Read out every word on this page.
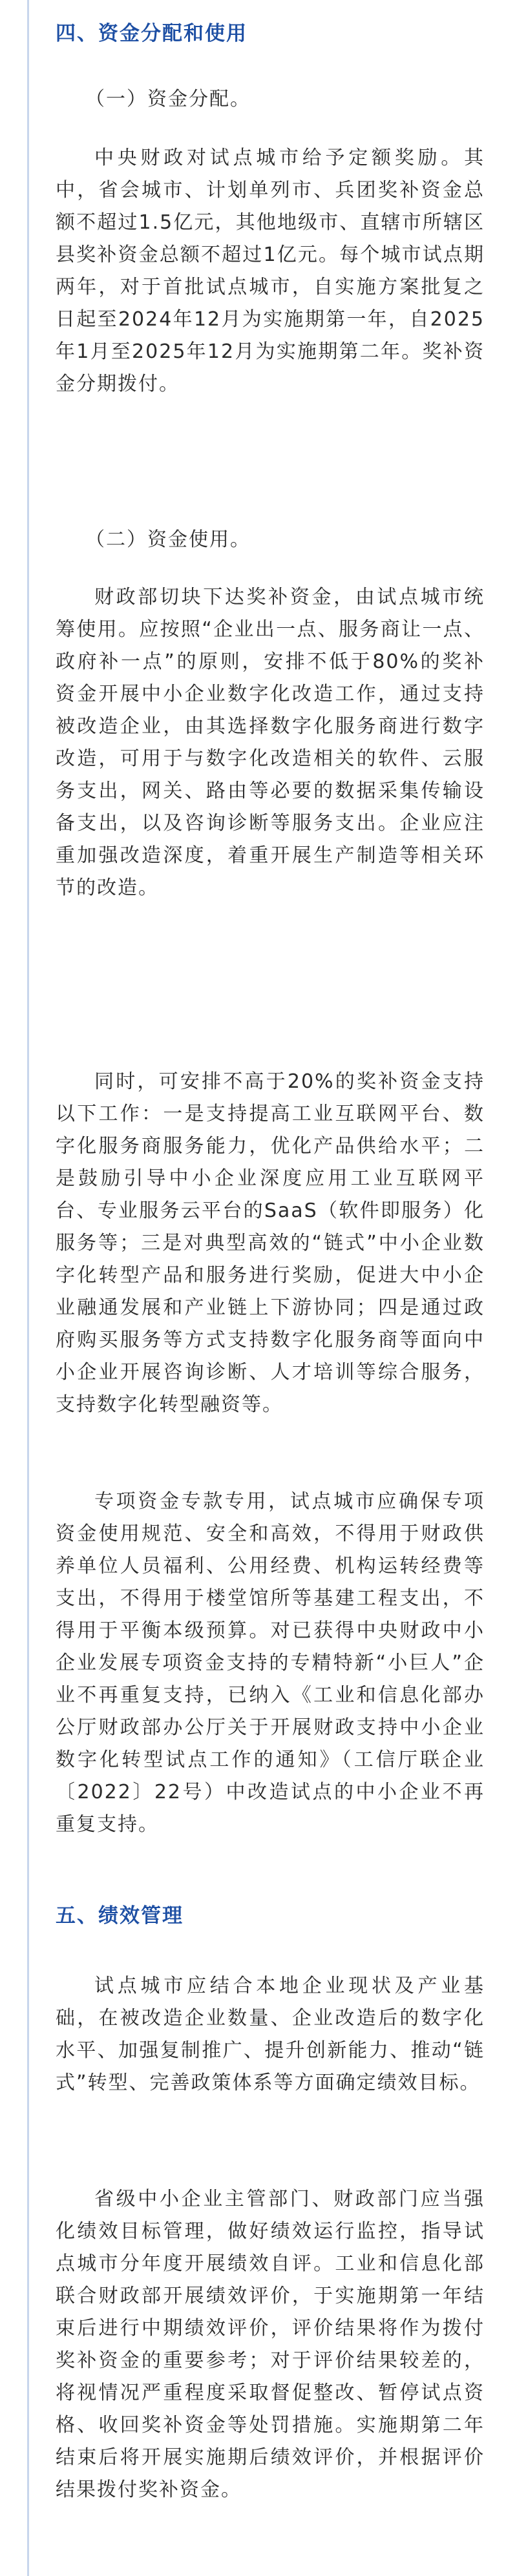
四、资金分配和使用

（一）资金分配。

中央财政对试点城市给予定额奖励。其中，省会城市、计划单列市、兵团奖补资金总额不超过1.5亿元，其他地级市、直辖市所辖区县奖补资金总额不超过1亿元。每个城市试点期两年，对于首批试点城市，自实施方案批复之日起至2024年12月为实施期第一年，自2025年1月至2025年12月为实施期第二年。奖补资金分期拨付。

（二）资金使用。

财政部切块下达奖补资金，由试点城市统筹使用。应按照“企业出一点、服务商让一点、政府补一点”的原则，安排不低于80%的奖补资金开展中小企业数字化改造工作，通过支持被改造企业，由其选择数字化服务商进行数字改造，可用于与数字化改造相关的软件、云服务支出，网关、路由等必要的数据采集传输设备支出，以及咨询诊断等服务支出。企业应注重加强改造深度，着重开展生产制造等相关环节的改造。

同时，可安排不高于20%的奖补资金支持以下工作：一是支持提高工业互联网平台、数字化服务商服务能力，优化产品供给水平；二是鼓励引导中小企业深度应用工业互联网平台、专业服务云平台的SaaS（软件即服务）化服务等；三是对典型高效的“链式”中小企业数字化转型产品和服务进行奖励，促进大中小企业融通发展和产业链上下游协同；四是通过政府购买服务等方式支持数字化服务商等面向中小企业开展咨询诊断、人才培训等综合服务，支持数字化转型融资等。

专项资金专款专用，试点城市应确保专项资金使用规范、安全和高效，不得用于财政供养单位人员福利、公用经费、机构运转经费等支出，不得用于楼堂馆所等基建工程支出，不得用于平衡本级预算。对已获得中央财政中小企业发展专项资金支持的专精特新“小巨人”企业不再重复支持，已纳入《工业和信息化部办公厅财政部办公厅关于开展财政支持中小企业数字化转型试点工作的通知》（工信厅联企业〔2022〕22号）中改造试点的中小企业不再重复支持。

五、绩效管理

试点城市应结合本地企业现状及产业基础，在被改造企业数量、企业改造后的数字化水平、加强复制推广、提升创新能力、推动“链式”转型、完善政策体系等方面确定绩效目标。

省级中小企业主管部门、财政部门应当强化绩效目标管理，做好绩效运行监控，指导试点城市分年度开展绩效自评。工业和信息化部联合财政部开展绩效评价，于实施期第一年结束后进行中期绩效评价，评价结果将作为拨付奖补资金的重要参考；对于评价结果较差的，将视情况严重程度采取督促整改、暂停试点资格、收回奖补资金等处罚措施。实施期第二年结束后将开展实施期后绩效评价，并根据评价结果拨付奖补资金。
